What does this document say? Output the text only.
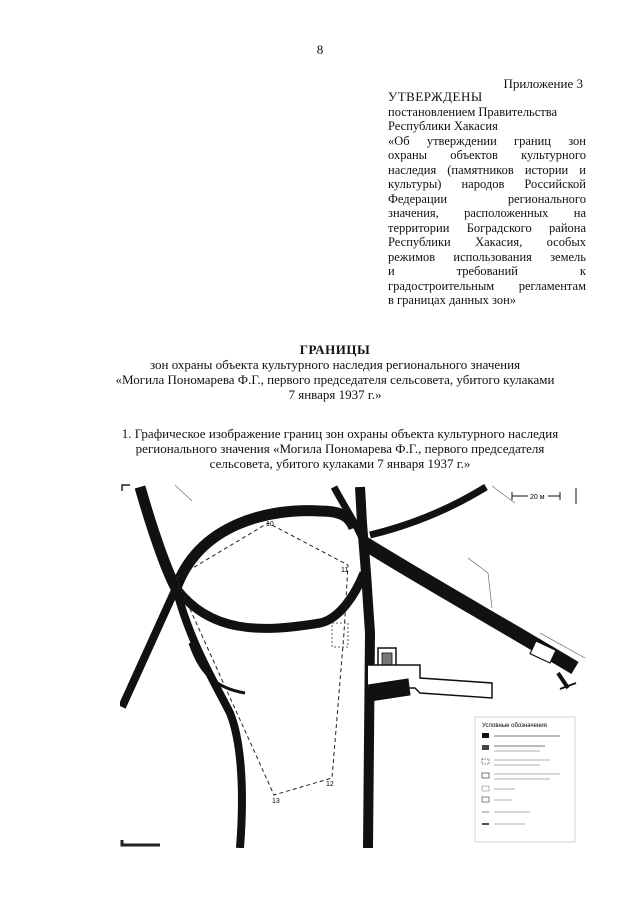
8
Приложение 3
УТВЕРЖДЕНЫ
постановлением Правительства
Республики Хакасия
«Об утверждении границ зон
охраны объектов культурного
наследия (памятников истории и
культуры) народов Российской
Федерации регионального
значения, расположенных на
территории Боградского района
Республики Хакасия, особых
режимов использования земель
и требований к
градостроительным регламентам
в границах данных зон»
ГРАНИЦЫ
зон охраны объекта культурного наследия регионального значения
«Могила Пономарева Ф.Г., первого председателя сельсовета, убитого кулаками
7 января 1937 г.»
1. Графическое изображение границ зон охраны объекта культурного наследия
регионального значения «Могила Пономарева Ф.Г., первого председателя
сельсовета, убитого кулаками 7 января 1937 г.»
9
10
11
12
13
20 м
Условные обозначения
